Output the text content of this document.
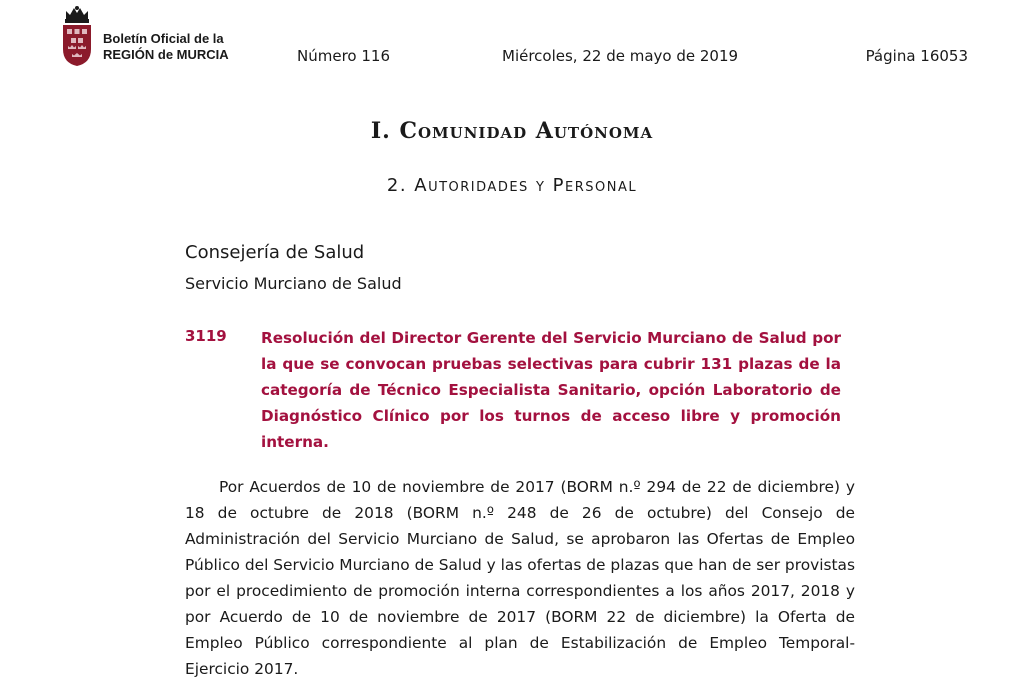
Boletín Oficial de la
REGIÓN de MURCIA	Número 116	Miércoles, 22 de mayo de 2019	Página 16053
I. Comunidad Autónoma
2. Autoridades y Personal
Consejería de Salud
Servicio Murciano de Salud
3119 Resolución del Director Gerente del Servicio Murciano de Salud por la que se convocan pruebas selectivas para cubrir 131 plazas de la categoría de Técnico Especialista Sanitario, opción Laboratorio de Diagnóstico Clínico por los turnos de acceso libre y promoción interna.
Por Acuerdos de 10 de noviembre de 2017 (BORM n.º 294 de 22 de diciembre) y 18 de octubre de 2018 (BORM n.º 248 de 26 de octubre) del Consejo de Administración del Servicio Murciano de Salud, se aprobaron las Ofertas de Empleo Público del Servicio Murciano de Salud y las ofertas de plazas que han de ser provistas por el procedimiento de promoción interna correspondientes a los años 2017, 2018 y por Acuerdo de 10 de noviembre de 2017 (BORM 22 de diciembre) la Oferta de Empleo Público correspondiente al plan de Estabilización de Empleo Temporal-Ejercicio 2017.
